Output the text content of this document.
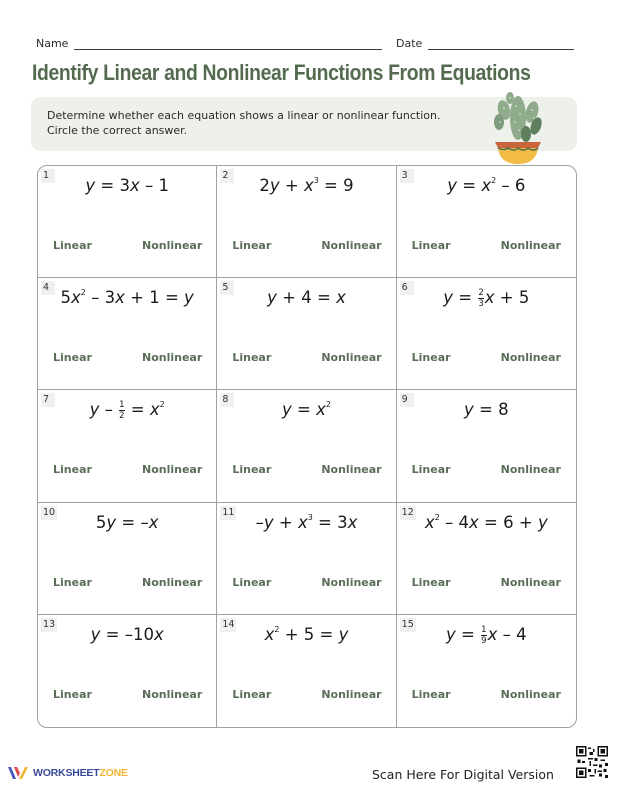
Name	Date
Identify Linear and Nonlinear Functions From Equations
Determine whether each equation shows a linear or nonlinear function.
Circle the correct answer.
1
y = 3x – 1
Linear	Nonlinear
2
$2y + x^3 = 9$
Linear	Nonlinear
3
$y = x^2 - 6$
Linear	Nonlinear
4
$5x^2 - 3x + 1 = y$
Linear	Nonlinear
5
y + 4 = x
Linear	Nonlinear
6
$y = \frac{2}{3}$ x + 5
Linear	Nonlinear
7
$y - \frac{1}{2} = x^2$
Linear	Nonlinear
8
$y = x^2$
Linear	Nonlinear
9
y = 8
Linear	Nonlinear
10
5y = –x
Linear	Nonlinear
11
$-y + x^3 = 3x$
Linear	Nonlinear
12
$x^2 - 4x = 6 + y$
Linear	Nonlinear
13
y = –10x
Linear	Nonlinear
14
$x^2 + 5 = y$
Linear	Nonlinear
15
$y = \frac{1}{9}$ x – 4
Linear	Nonlinear
WORKSHEETZONE	Scan Here For Digital Version
